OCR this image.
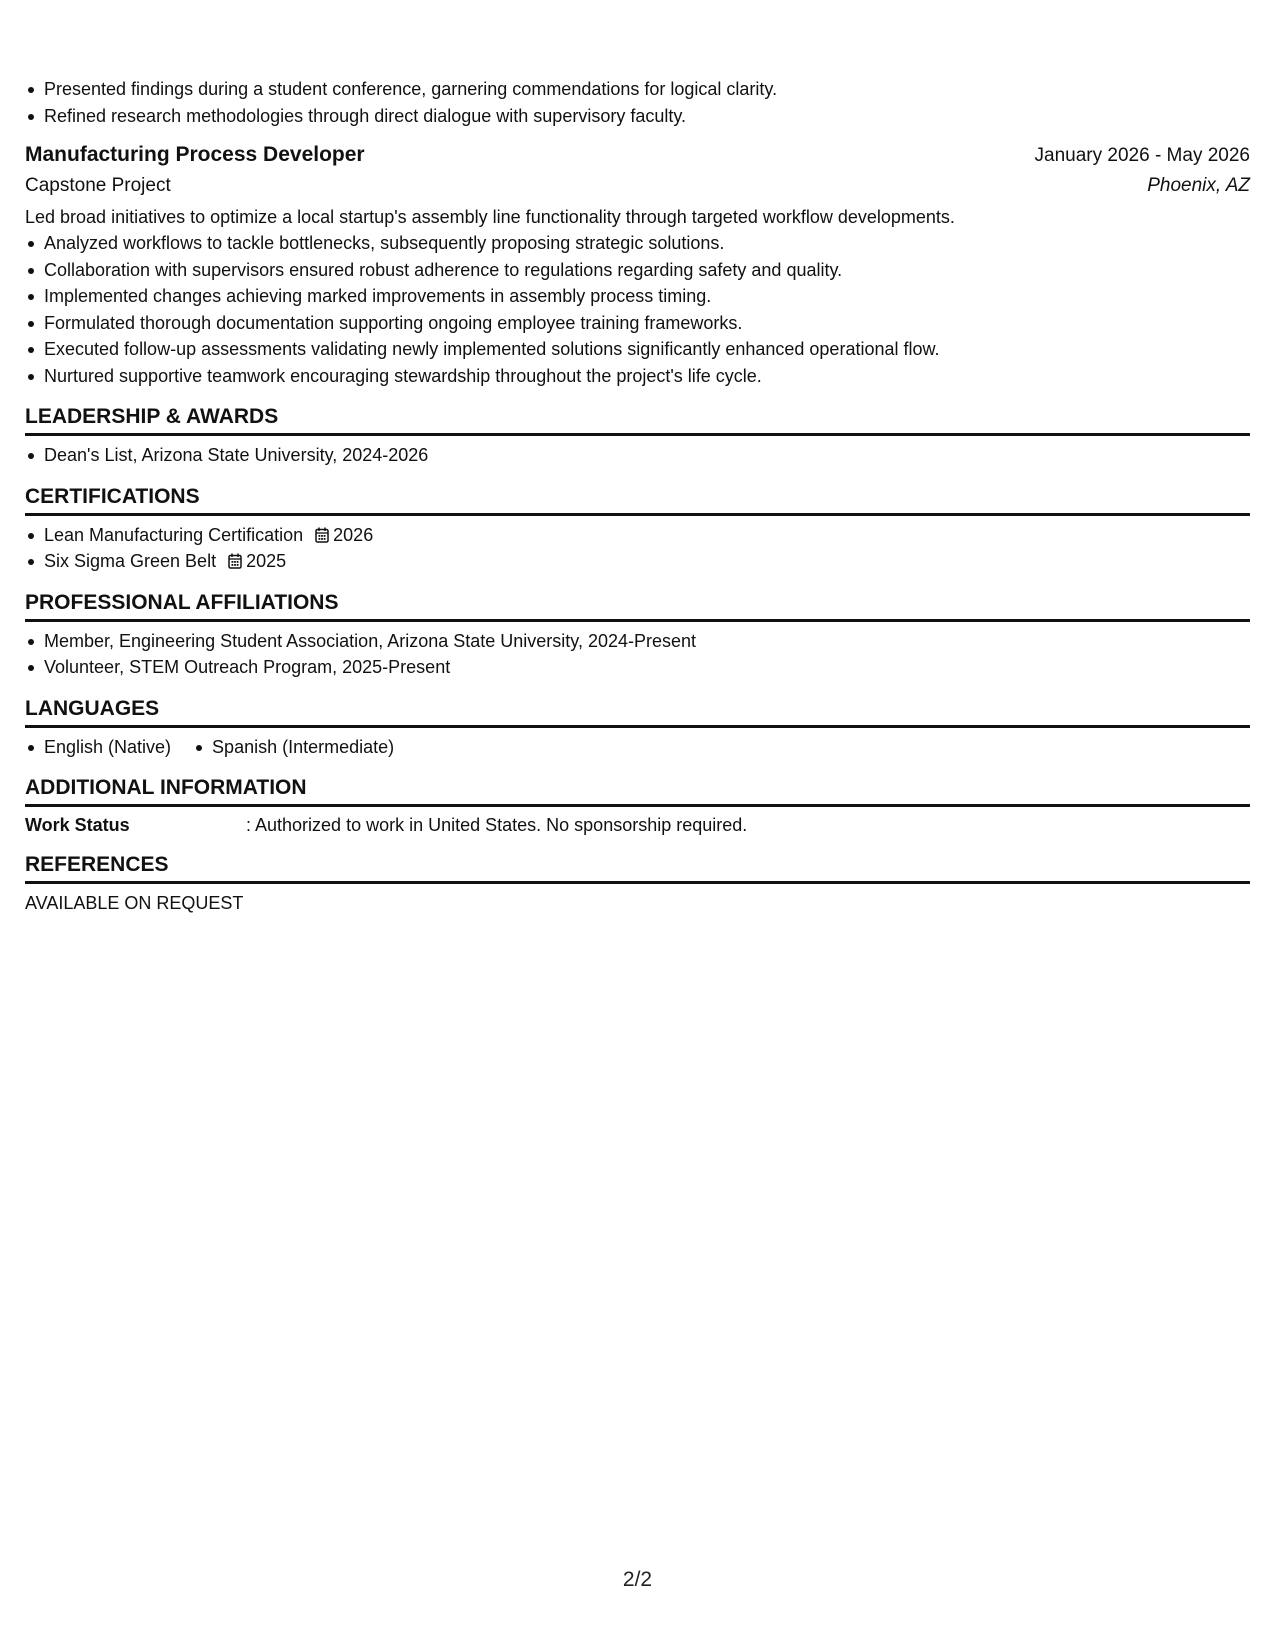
Presented findings during a student conference, garnering commendations for logical clarity.
Refined research methodologies through direct dialogue with supervisory faculty.
Manufacturing Process Developer	January 2026 - May 2026
Capstone Project	Phoenix, AZ
Led broad initiatives to optimize a local startup's assembly line functionality through targeted workflow developments.
Analyzed workflows to tackle bottlenecks, subsequently proposing strategic solutions.
Collaboration with supervisors ensured robust adherence to regulations regarding safety and quality.
Implemented changes achieving marked improvements in assembly process timing.
Formulated thorough documentation supporting ongoing employee training frameworks.
Executed follow-up assessments validating newly implemented solutions significantly enhanced operational flow.
Nurtured supportive teamwork encouraging stewardship throughout the project's life cycle.
LEADERSHIP & AWARDS
Dean's List, Arizona State University, 2024-2026
CERTIFICATIONS
Lean Manufacturing Certification 2026
Six Sigma Green Belt 2025
PROFESSIONAL AFFILIATIONS
Member, Engineering Student Association, Arizona State University, 2024-Present
Volunteer, STEM Outreach Program, 2025-Present
LANGUAGES
English (Native)	Spanish (Intermediate)
ADDITIONAL INFORMATION
Work Status	: Authorized to work in United States. No sponsorship required.
REFERENCES
AVAILABLE ON REQUEST
2/2
